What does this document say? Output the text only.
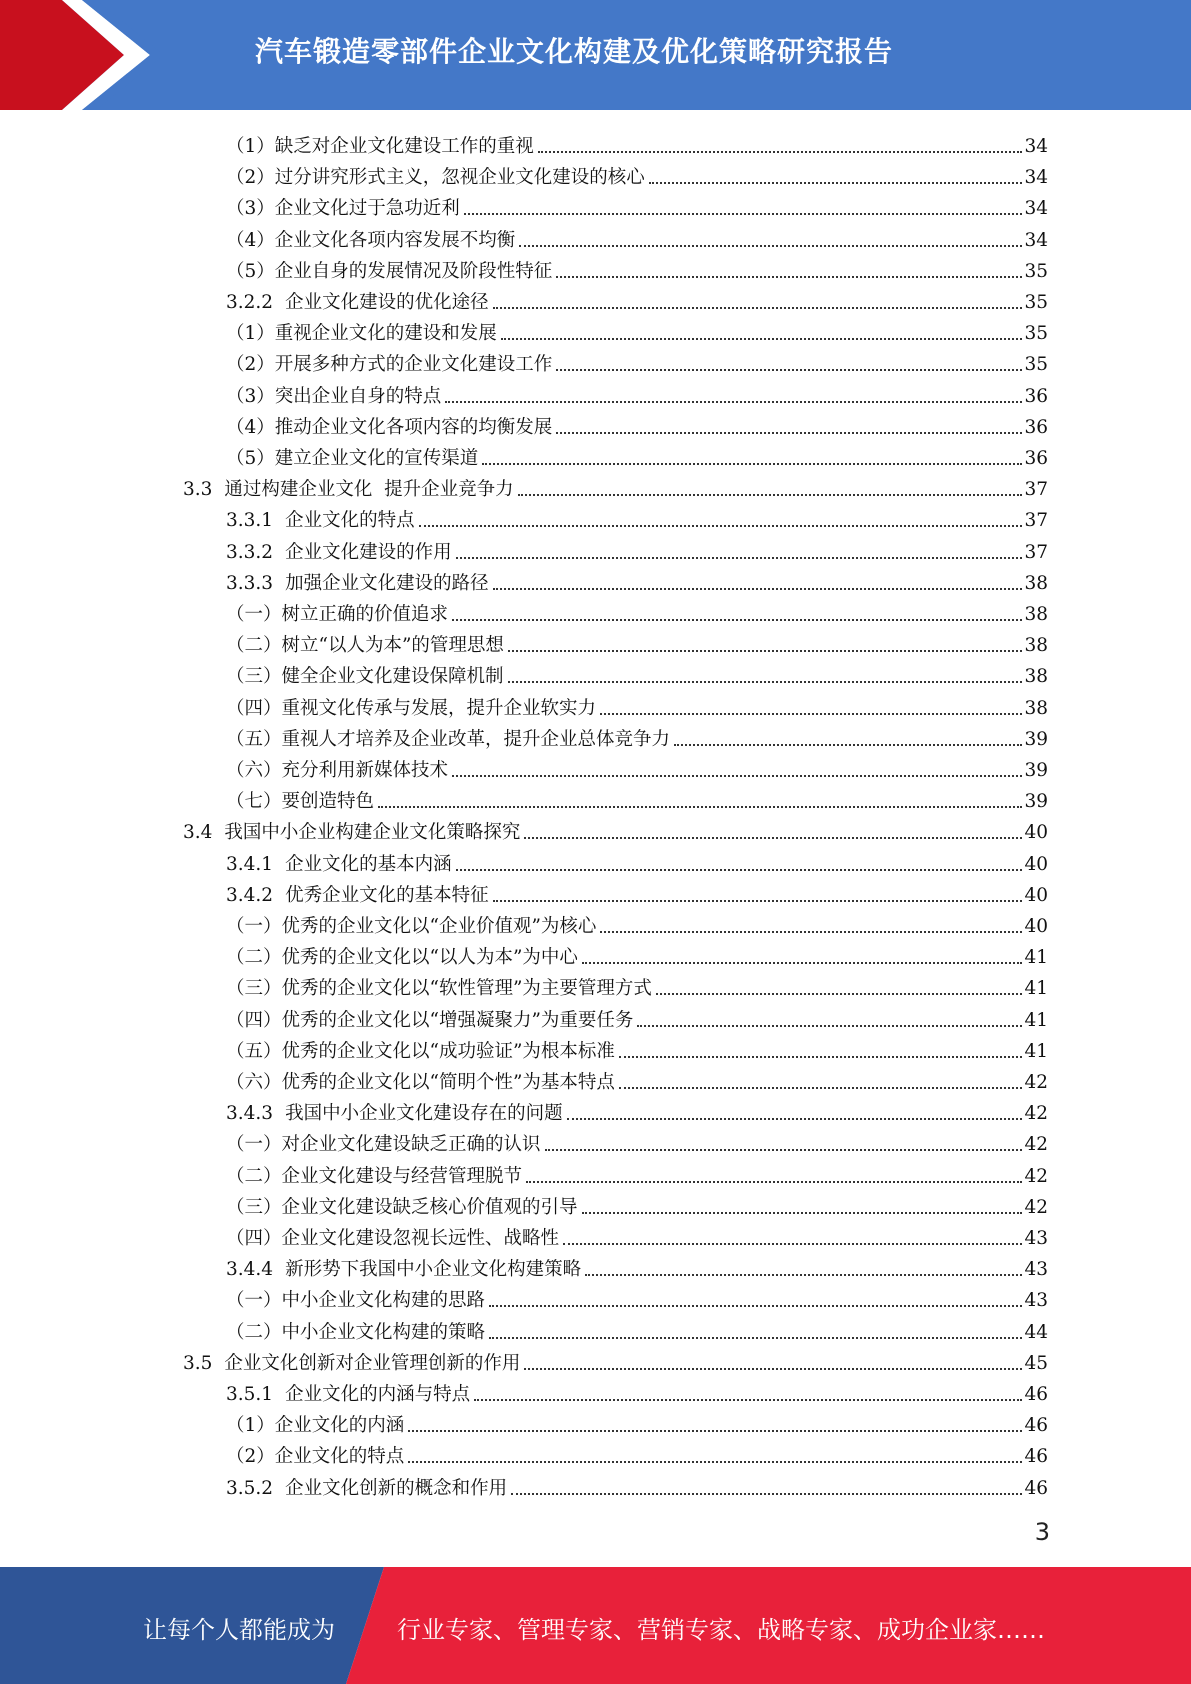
汽车锻造零部件企业文化构建及优化策略研究报告
（1） 缺乏对企业文化建设工作的重视	34
（2） 过分讲究形式主义，忽视企业文化建设的核心	34
（3） 企业文化过于急功近利	34
（4） 企业文化各项内容发展不均衡	34
（5） 企业自身的发展情况及阶段性特征	35
3.2.2 企业文化建设的优化途径	35
（1） 重视企业文化的建设和发展	35
（2） 开展多种方式的企业文化建设工作	35
（3） 突出企业自身的特点	36
（4） 推动企业文化各项内容的均衡发展	36
（5） 建立企业文化的宣传渠道	36
3.3 通过构建企业文化  提升企业竞争力	37
3.3.1 企业文化的特点	37
3.3.2 企业文化建设的作用	37
3.3.3 加强企业文化建设的路径	38
（一） 树立正确的价值追求	38
（二） 树立“以人为本”的管理思想	38
（三） 健全企业文化建设保障机制	38
（四） 重视文化传承与发展，提升企业软实力	38
（五） 重视人才培养及企业改革，提升企业总体竞争力	39
（六） 充分利用新媒体技术	39
（七） 要创造特色	39
3.4 我国中小企业构建企业文化策略探究	40
3.4.1 企业文化的基本内涵	40
3.4.2 优秀企业文化的基本特征	40
（一） 优秀的企业文化以“企业价值观”为核心	40
（二） 优秀的企业文化以“以人为本”为中心	41
（三） 优秀的企业文化以“软性管理”为主要管理方式	41
（四） 优秀的企业文化以“增强凝聚力”为重要任务	41
（五） 优秀的企业文化以“成功验证”为根本标准	41
（六） 优秀的企业文化以“简明个性”为基本特点	42
3.4.3 我国中小企业文化建设存在的问题	42
（一） 对企业文化建设缺乏正确的认识	42
（二） 企业文化建设与经营管理脱节	42
（三） 企业文化建设缺乏核心价值观的引导	42
（四） 企业文化建设忽视长远性、战略性	43
3.4.4 新形势下我国中小企业文化构建策略	43
（一） 中小企业文化构建的思路	43
（二） 中小企业文化构建的策略	44
3.5 企业文化创新对企业管理创新的作用	45
3.5.1 企业文化的内涵与特点	46
（1） 企业文化的内涵	46
（2） 企业文化的特点	46
3.5.2 企业文化创新的概念和作用	46
3
让每个人都能成为	行业专家、管理专家、营销专家、战略专家、成功企业家……
